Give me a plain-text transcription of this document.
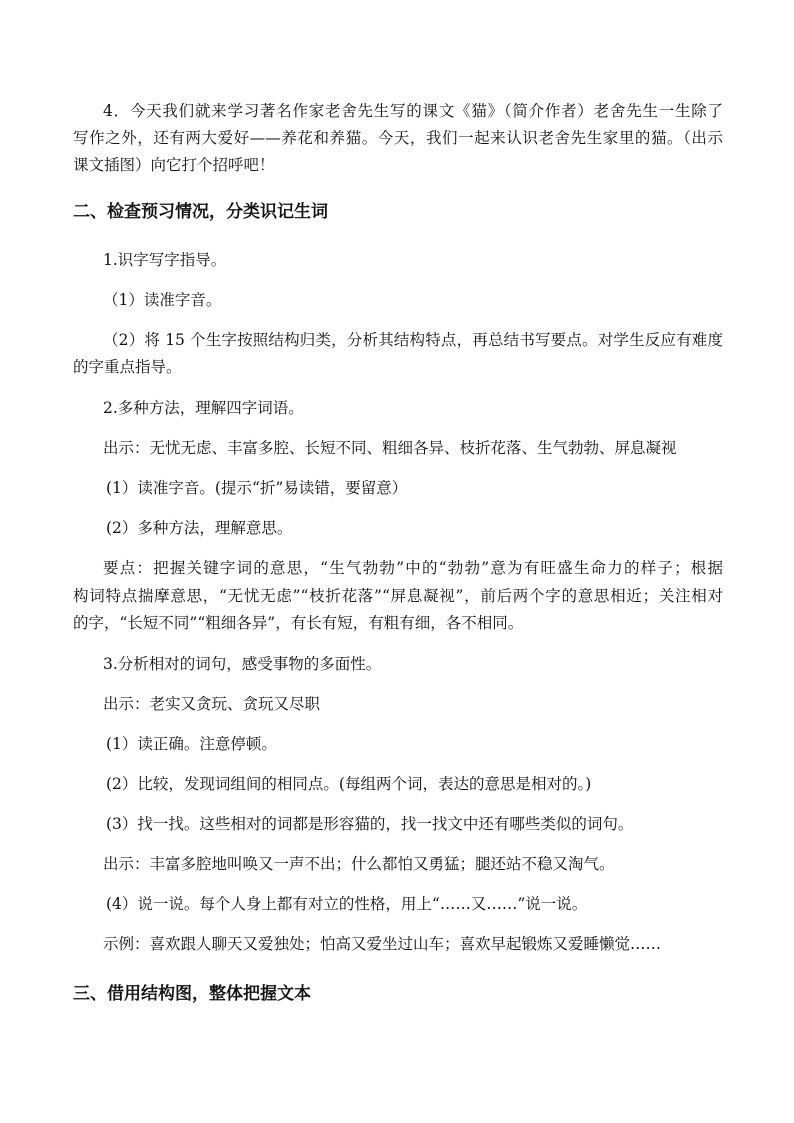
4．今天我们就来学习著名作家老舍先生写的课文《猫》（简介作者）老舍先生一生除了
写作之外，还有两大爱好——养花和养猫。今天，我们一起来认识老舍先生家里的猫。（出示
课文插图）向它打个招呼吧！
二、检查预习情况，分类识记生词
1.识字写字指导。
（1）读准字音。
（2）将 15 个生字按照结构归类，分析其结构特点，再总结书写要点。对学生反应有难度
的字重点指导。
2.多种方法，理解四字词语。
出示：无忧无虑、丰富多腔、长短不同、粗细各异、枝折花落、生气勃勃、屏息凝视
(1）读准字音。(提示“折”易读错，要留意）
(2）多种方法，理解意思。
要点：把握关键字词的意思，“生气勃勃”中的“勃勃”意为有旺盛生命力的样子；根据
构词特点揣摩意思，“无忧无虑”“枝折花落”“屏息凝视”，前后两个字的意思相近；关注相对
的字，“长短不同”“粗细各异”，有长有短，有粗有细，各不相同。
3.分析相对的词句，感受事物的多面性。
出示：老实又贪玩、贪玩又尽职
(1）读正确。注意停顿。
(2）比较，发现词组间的相同点。(每组两个词，表达的意思是相对的。)
(3）找一找。这些相对的词都是形容猫的，找一找文中还有哪些类似的词句。
出示：丰富多腔地叫唤又一声不出；什么都怕又勇猛；腿还站不稳又淘气。
(4）说一说。每个人身上都有对立的性格，用上“……又……”说一说。
示例：喜欢跟人聊天又爱独处；怕高又爱坐过山车；喜欢早起锻炼又爱睡懒觉……
三、借用结构图，整体把握文本
